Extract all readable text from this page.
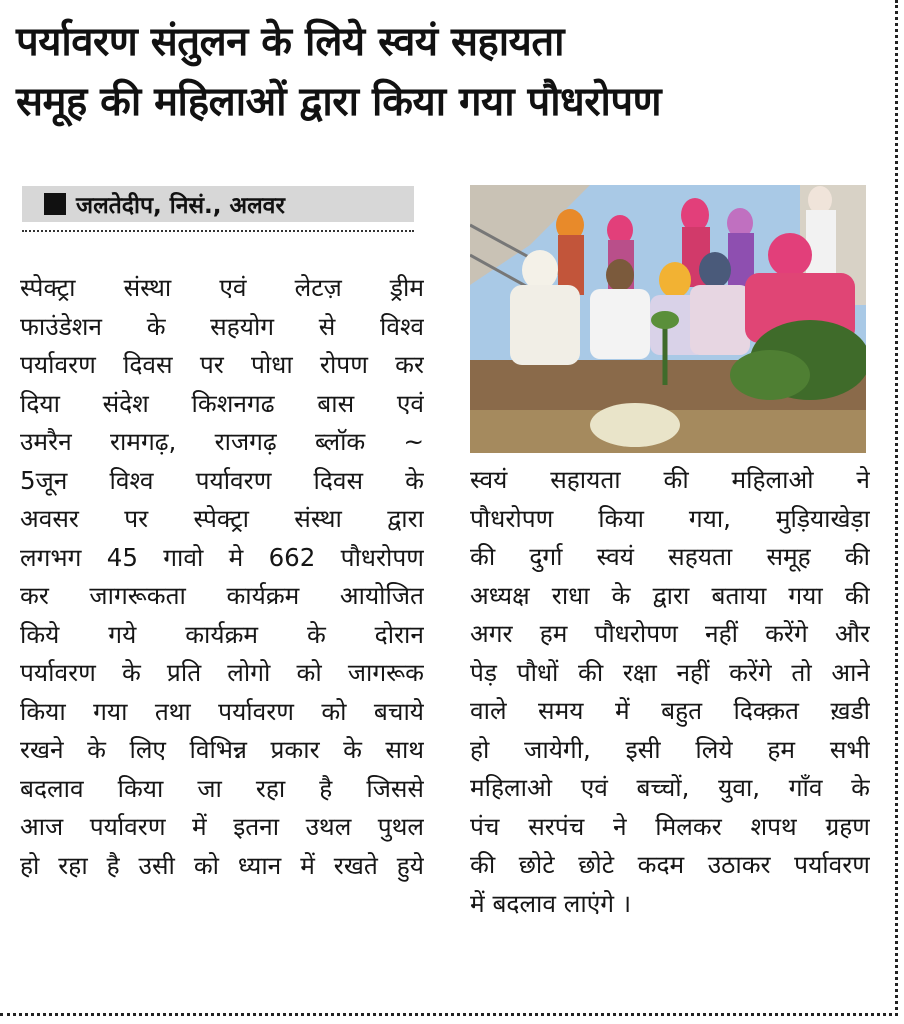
पर्यावरण संतुलन के लिये स्वयं सहायता
समूह की महिलाओं द्वारा किया गया पौधरोपण
जलतेदीप, निसं., अलवर
स्पेक्ट्रा संस्था एवं लेटज़ ड्रीम
फाउंडेशन के सहयोग से विश्व
पर्यावरण दिवस पर पोधा रोपण कर
दिया संदेश किशनगढ बास एवं
उमरैन रामगढ़, राजगढ़ ब्लॉक ~
5जून विश्व पर्यावरण दिवस के
अवसर पर स्पेक्ट्रा संस्था द्वारा
लगभग 45 गावो मे 662 पौधरोपण
कर जागरूकता कार्यक्रम आयोजित
किये गये कार्यक्रम के दोरान
पर्यावरण के प्रति लोगो को जागरूक
किया गया तथा पर्यावरण को बचाये
रखने के लिए विभिन्न प्रकार के साथ
बदलाव किया जा रहा है जिससे
आज पर्यावरण में इतना उथल पुथल
हो रहा है उसी को ध्यान में रखते हुये
स्वयं सहायता की महिलाओ ने
पौधरोपण किया गया, मुड़ियाखेड़ा
की दुर्गा स्वयं सहयता समूह की
अध्यक्ष राधा के द्वारा बताया गया की
अगर हम पौधरोपण नहीं करेंगे और
पेड़ पौधों की रक्षा नहीं करेंगे तो आने
वाले समय में बहुत दिक्क़त ख़डी
हो जायेगी, इसी लिये हम सभी
महिलाओ एवं बच्चों, युवा, गाँव के
पंच सरपंच ने मिलकर शपथ ग्रहण
की छोटे छोटे कदम उठाकर पर्यावरण
में बदलाव लाएंगे ।
